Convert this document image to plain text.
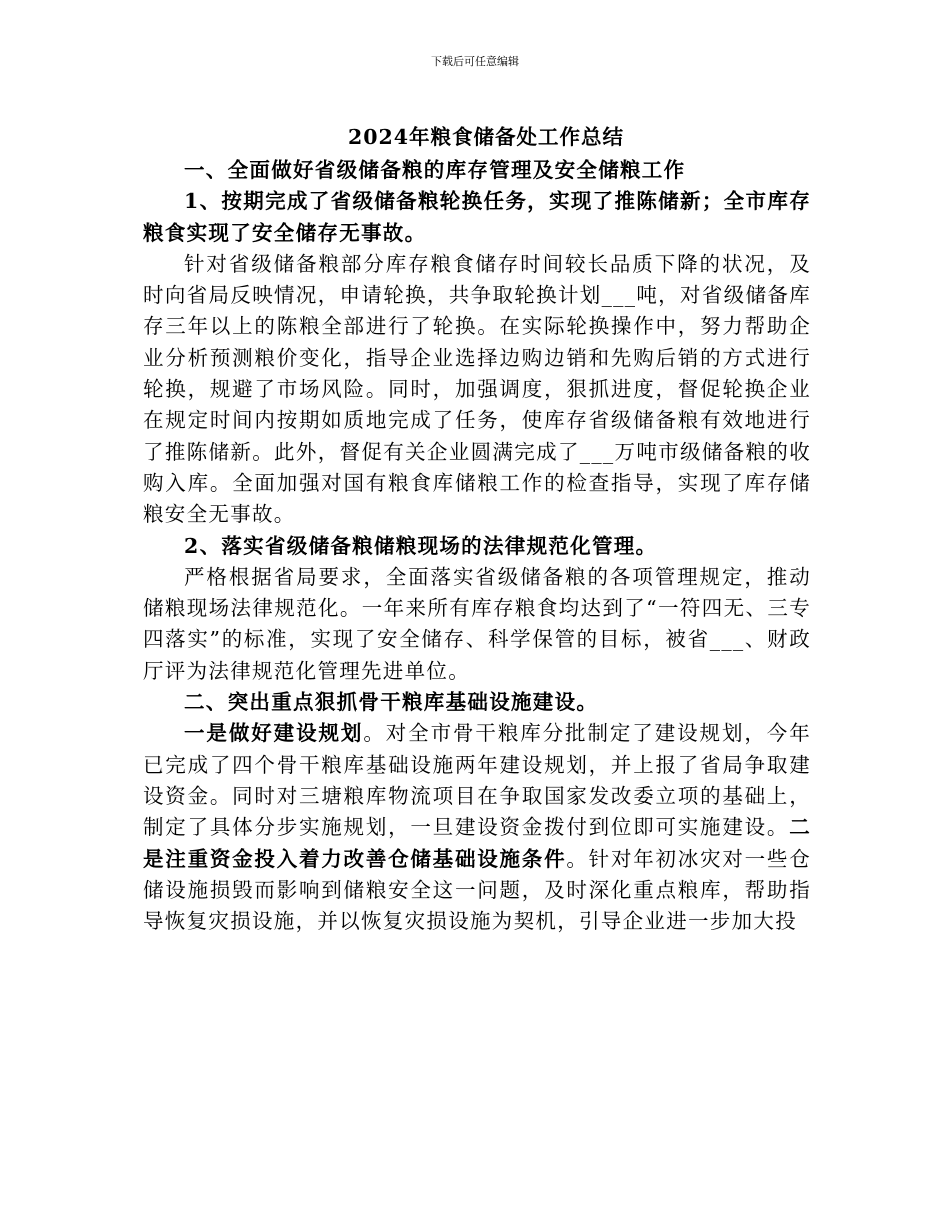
下载后可任意编辑
2024年粮食储备处工作总结

一、全面做好省级储备粮的库存管理及安全储粮工作

1、按期完成了省级储备粮轮换任务，实现了推陈储新；全市库存粮食实现了安全储存无事故。

针对省级储备粮部分库存粮食储存时间较长品质下降的状况，及时向省局反映情况，申请轮换，共争取轮换计划___吨，对省级储备库存三年以上的陈粮全部进行了轮换。在实际轮换操作中，努力帮助企业分析预测粮价变化，指导企业选择边购边销和先购后销的方式进行轮换，规避了市场风险。同时，加强调度，狠抓进度，督促轮换企业在规定时间内按期如质地完成了任务，使库存省级储备粮有效地进行了推陈储新。此外，督促有关企业圆满完成了___万吨市级储备粮的收购入库。全面加强对国有粮食库储粮工作的检查指导，实现了库存储粮安全无事故。

2、落实省级储备粮储粮现场的法律规范化管理。

严格根据省局要求，全面落实省级储备粮的各项管理规定，推动储粮现场法律规范化。一年来所有库存粮食均达到了“一符四无、三专四落实”的标准，实现了安全储存、科学保管的目标，被省___、财政厅评为法律规范化管理先进单位。

二、突出重点狠抓骨干粮库基础设施建设。

一是做好建设规划。对全市骨干粮库分批制定了建设规划，今年已完成了四个骨干粮库基础设施两年建设规划，并上报了省局争取建设资金。同时对三塘粮库物流项目在争取国家发改委立项的基础上，制定了具体分步实施规划，一旦建设资金拨付到位即可实施建设。二是注重资金投入着力改善仓储基础设施条件。针对年初冰灾对一些仓储设施损毁而影响到储粮安全这一问题，及时深化重点粮库，帮助指导恢复灾损设施，并以恢复灾损设施为契机，引导企业进一步加大投
